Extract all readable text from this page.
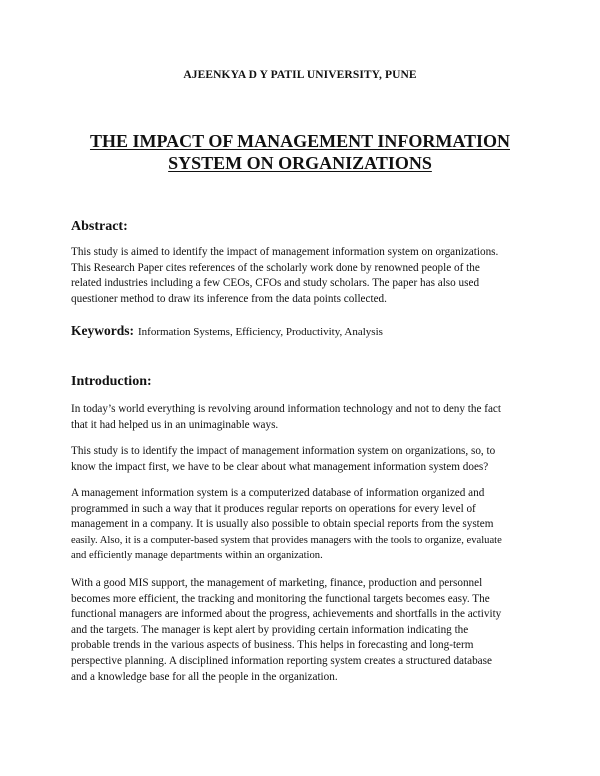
AJEENKYA D Y PATIL UNIVERSITY, PUNE
THE IMPACT OF MANAGEMENT INFORMATION
SYSTEM ON ORGANIZATIONS
Abstract:
This study is aimed to identify the impact of management information system on organizations.
This Research Paper cites references of the scholarly work done by renowned people of the
related industries including a few CEOs, CFOs and study scholars. The paper has also used
questioner method to draw its inference from the data points collected.
Keywords: Information Systems, Efficiency, Productivity, Analysis
Introduction:
In today’s world everything is revolving around information technology and not to deny the fact
that it had helped us in an unimaginable ways.
This study is to identify the impact of management information system on organizations, so, to
know the impact first, we have to be clear about what management information system does?
A management information system is a computerized database of information organized and
programmed in such a way that it produces regular reports on operations for every level of
management in a company. It is usually also possible to obtain special reports from the system
easily. Also, it is a computer-based system that provides managers with the tools to organize, evaluate
and efficiently manage departments within an organization.
With a good MIS support, the management of marketing, finance, production and personnel
becomes more efficient, the tracking and monitoring the functional targets becomes easy. The
functional managers are informed about the progress, achievements and shortfalls in the activity
and the targets. The manager is kept alert by providing certain information indicating the
probable trends in the various aspects of business. This helps in forecasting and long-term
perspective planning. A disciplined information reporting system creates a structured database
and a knowledge base for all the people in the organization.
